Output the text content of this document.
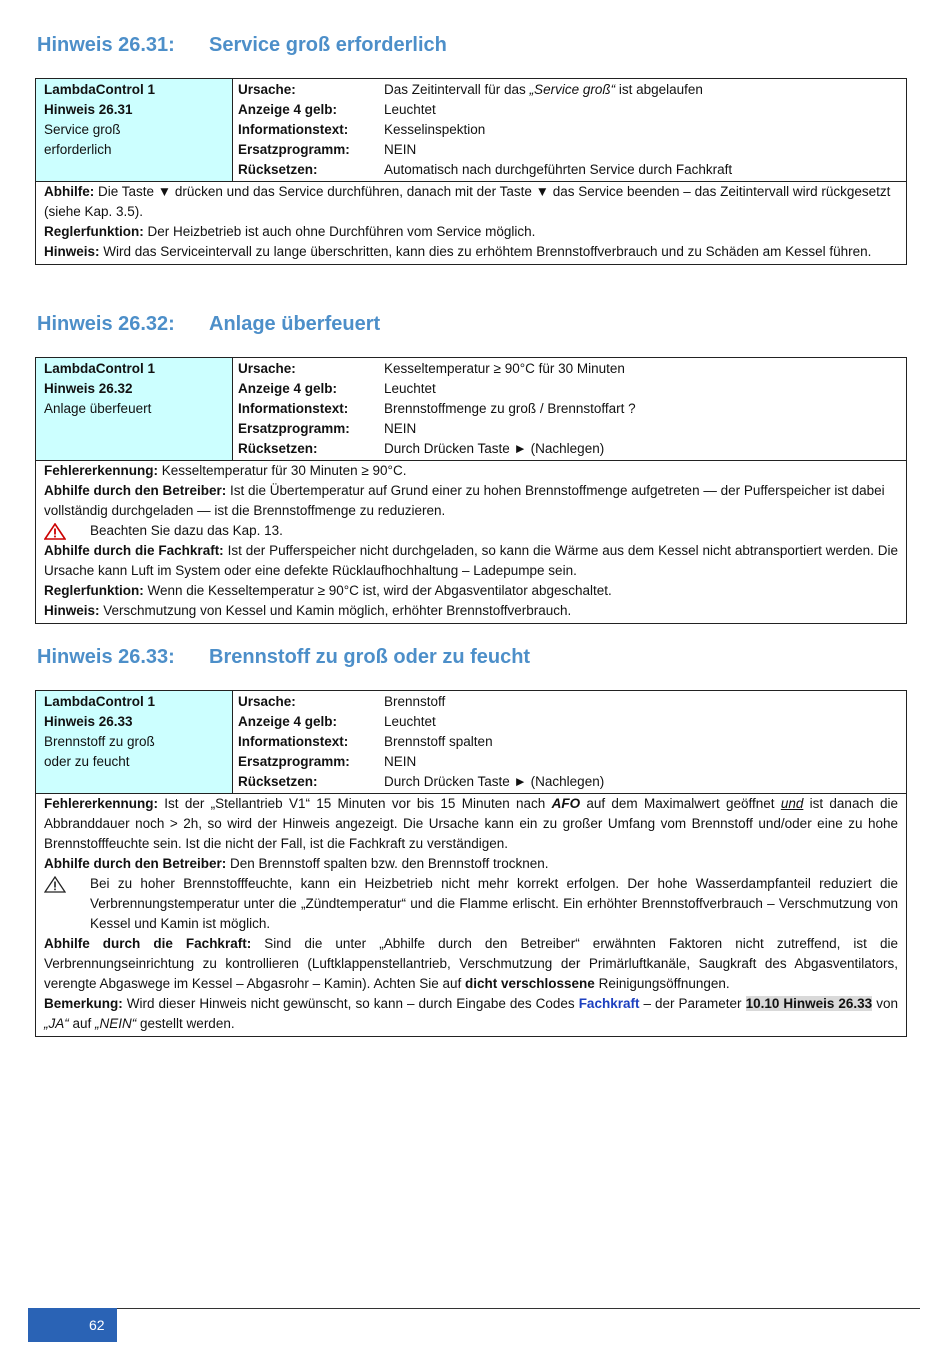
Hinweis 26.31: Service groß erforderlich
LambdaControl 1
Hinweis 26.31
Service groß
erforderlich
Ursache:	Das Zeitintervall für das „Service groß“ ist abgelaufen
Anzeige 4 gelb:	Leuchtet
Informationstext:	Kesselinspektion
Ersatzprogramm:	NEIN
Rücksetzen:	Automatisch nach durchgeführten Service durch Fachkraft

Abhilfe: Die Taste ▼ drücken und das Service durchführen, danach mit der Taste ▼ das Service beenden – das Zeitintervall wird rückgesetzt (siehe Kap. 3.5).

Reglerfunktion: Der Heizbetrieb ist auch ohne Durchführen vom Service möglich.

Hinweis: Wird das Serviceintervall zu lange überschritten, kann dies zu erhöhtem Brennstoffverbrauch und zu Schäden am Kessel führen.

Hinweis 26.32: Anlage überfeuert
LambdaControl 1
Hinweis 26.32
Anlage überfeuert
Ursache:	Kesseltemperatur ≥ 90°C für 30 Minuten
Anzeige 4 gelb:	Leuchtet
Informationstext:	Brennstoffmenge zu groß / Brennstoffart ?
Ersatzprogramm:	NEIN
Rücksetzen:	Durch Drücken Taste ► (Nachlegen)

Fehlererkennung: Kesseltemperatur für 30 Minuten ≥ 90°C.

Abhilfe durch den Betreiber: Ist die Übertemperatur auf Grund einer zu hohen Brennstoffmenge aufgetreten — der Pufferspeicher ist dabei vollständig durchgeladen — ist die Brennstoffmenge zu reduzieren.

Beachten Sie dazu das Kap. 13.

Abhilfe durch die Fachkraft: Ist der Pufferspeicher nicht durchgeladen, so kann die Wärme aus dem Kessel nicht abtransportiert werden. Die Ursache kann Luft im System oder eine defekte Rücklaufhochhaltung – Ladepumpe sein.

Reglerfunktion: Wenn die Kesseltemperatur ≥ 90°C ist, wird der Abgasventilator abgeschaltet.

Hinweis: Verschmutzung von Kessel und Kamin möglich, erhöhter Brennstoffverbrauch.

Hinweis 26.33: Brennstoff zu groß oder zu feucht
LambdaControl 1
Hinweis 26.33
Brennstoff zu groß
oder zu feucht
Ursache:	Brennstoff
Anzeige 4 gelb:	Leuchtet
Informationstext:	Brennstoff spalten
Ersatzprogramm:	NEIN
Rücksetzen:	Durch Drücken Taste ► (Nachlegen)

Fehlererkennung: Ist der „Stellantrieb V1“ 15 Minuten vor bis 15 Minuten nach AFO auf dem Maximalwert geöffnet und ist danach die Abbranddauer noch > 2h, so wird der Hinweis angezeigt. Die Ursache kann ein zu großer Umfang vom Brennstoff und/oder eine zu hohe Brennstofffeuchte sein. Ist die nicht der Fall, ist die Fachkraft zu verständigen.

Abhilfe durch den Betreiber: Den Brennstoff spalten bzw. den Brennstoff trocknen.

Bei zu hoher Brennstofffeuchte, kann ein Heizbetrieb nicht mehr korrekt erfolgen. Der hohe Wasserdampfanteil reduziert die Verbrennungstemperatur unter die „Zündtemperatur“ und die Flamme erlischt. Ein erhöhter Brennstoffverbrauch – Verschmutzung von Kessel und Kamin ist möglich.

Abhilfe durch die Fachkraft: Sind die unter „Abhilfe durch den Betreiber“ erwähnten Faktoren nicht zutreffend, ist die Verbrennungseinrichtung zu kontrollieren (Luftklappenstellantrieb, Verschmutzung der Primärluftkanäle, Saugkraft des Abgasventilators, verengte Abgaswege im Kessel – Abgasrohr – Kamin). Achten Sie auf dicht verschlossene Reinigungsöffnungen.

Bemerkung: Wird dieser Hinweis nicht gewünscht, so kann – durch Eingabe des Codes Fachkraft – der Parameter 10.10 Hinweis 26.33 von „JA“ auf „NEIN“ gestellt werden.

62
